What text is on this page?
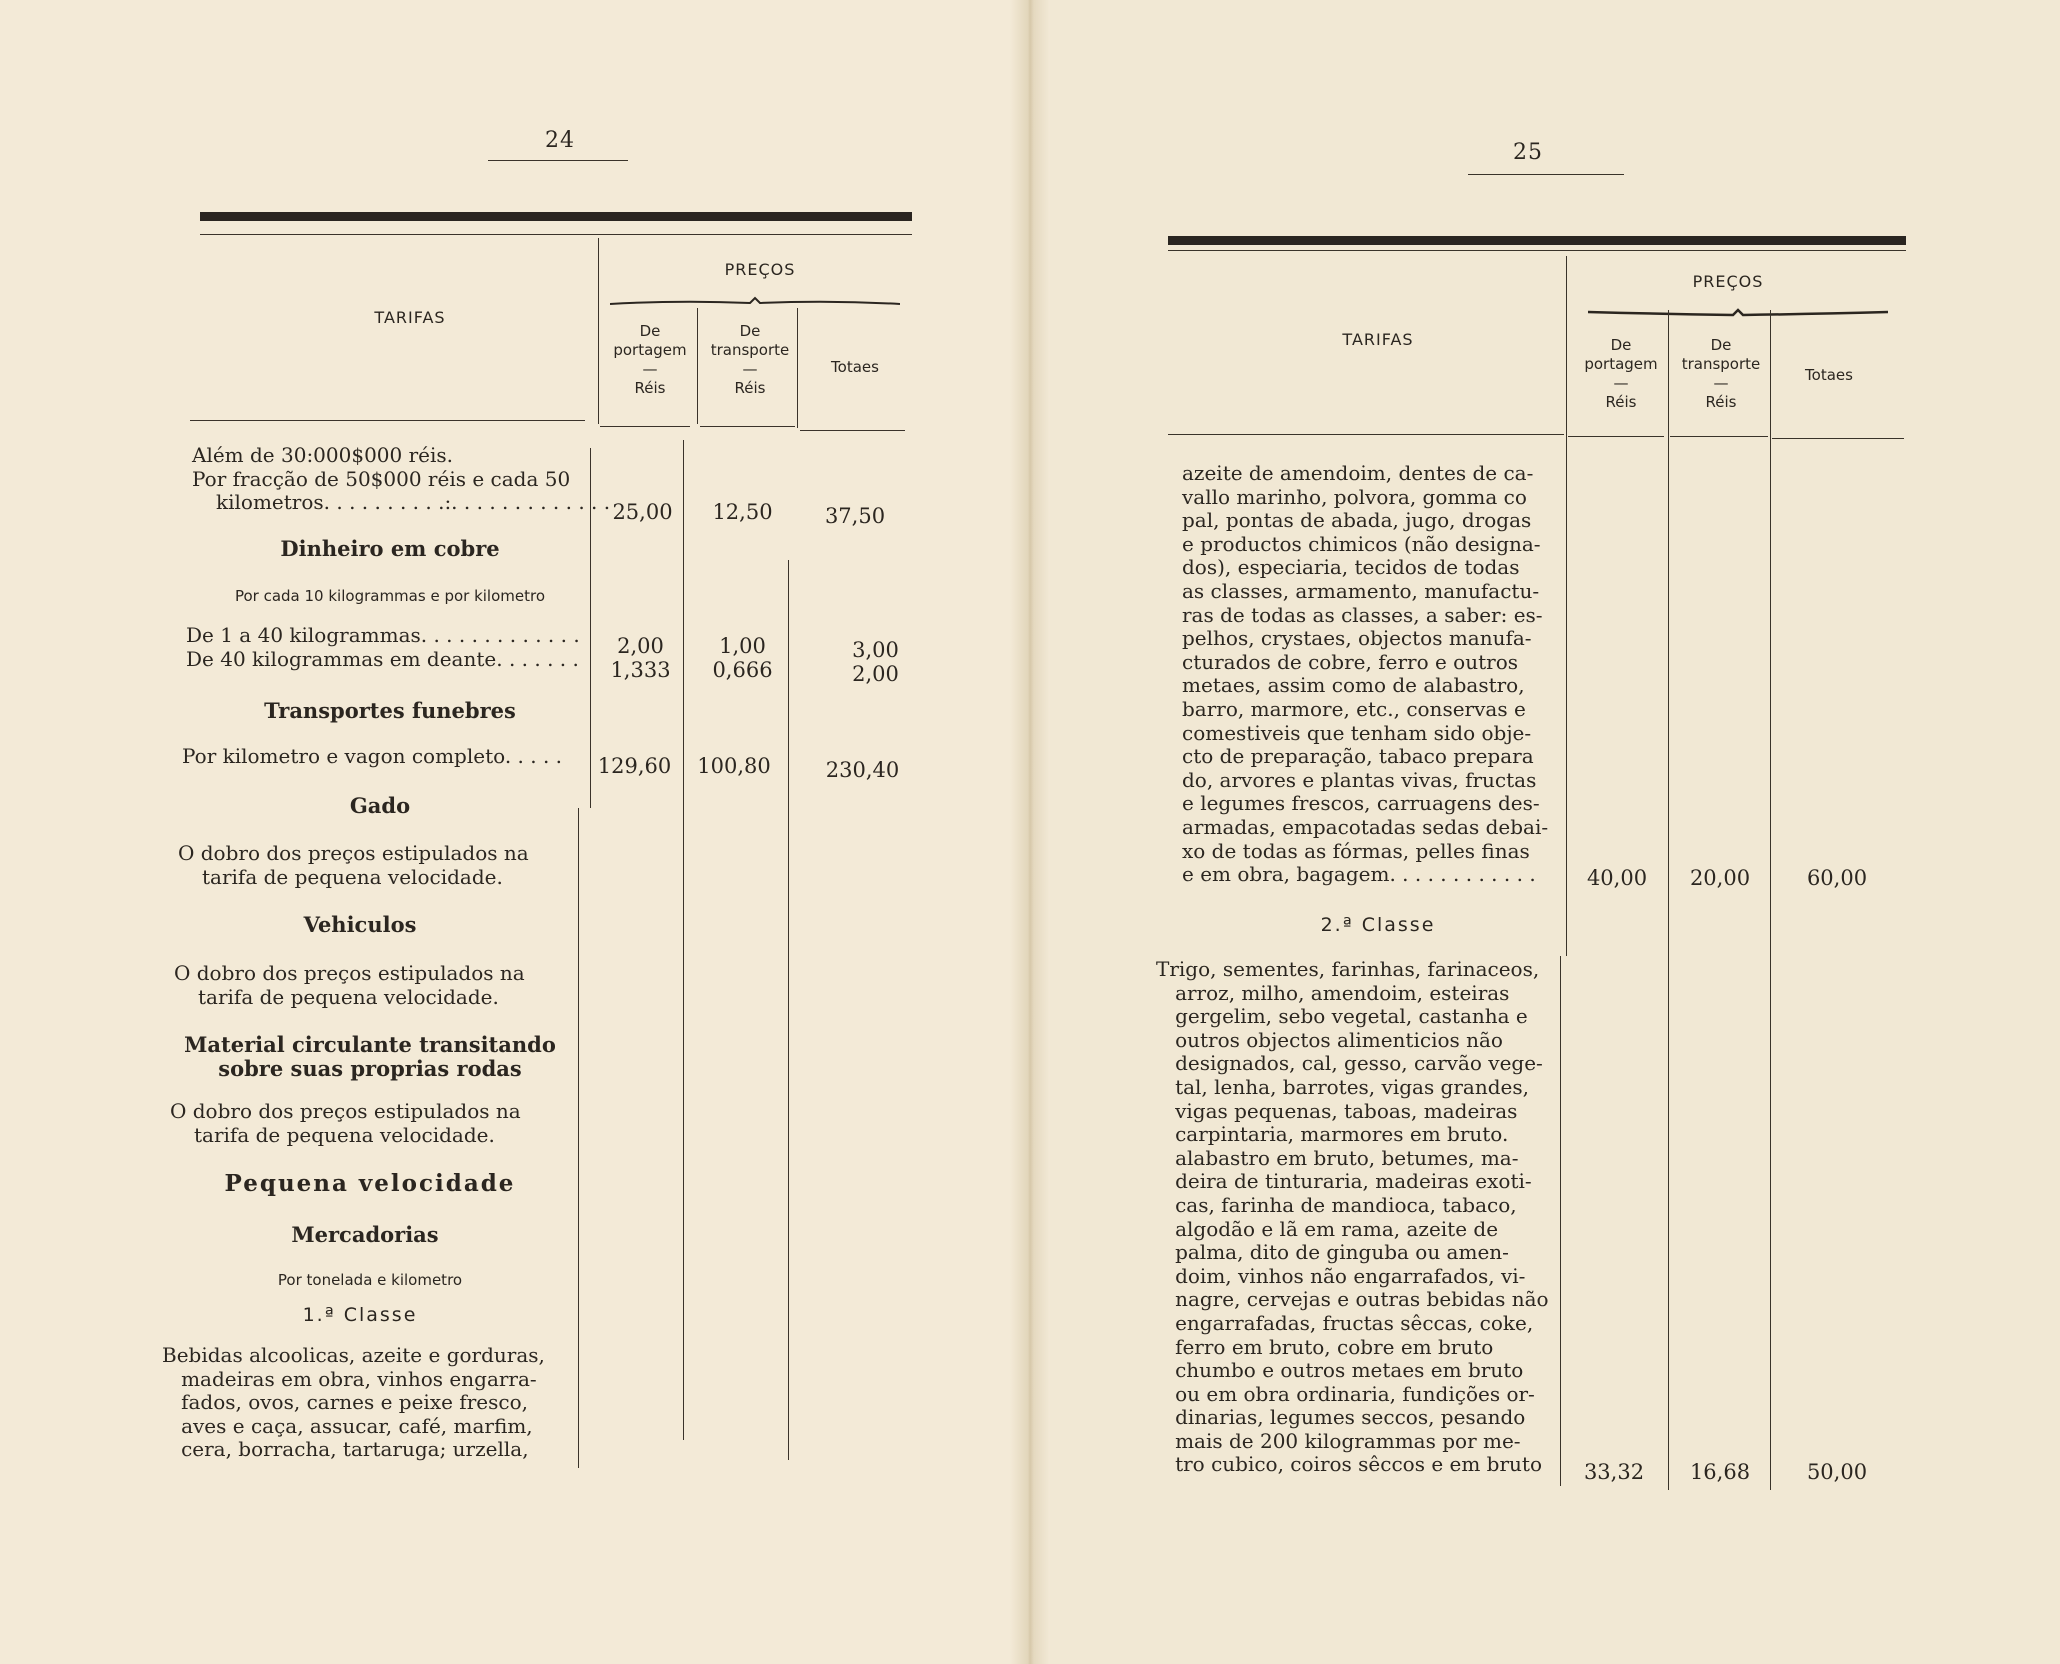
24
TARIFAS
PREÇOS
De
portagem
—
Réis
De
transporte
—
Réis
Totaes
Além de 30:000$000 réis.
Por fracção de 50$000 réis e cada 50
kilometros. . . . . . . . . .:. . . . . . . . . . . . . 25,00	12,50	37,50
Dinheiro em cobre
Por cada 10 kilogrammas e por kilometro
De 1 a 40 kilogrammas. . . . . . . . . . . . .	2,00	1,00	3,00
De 40 kilogrammas em deante. . . . . . .	1,333	0,666	2,00
Transportes funebres
Por kilometro e vagon completo. . . . . 129,60	100,80	230,40
Gado
O dobro dos preços estipulados na
tarifa de pequena velocidade.
Vehiculos
O dobro dos preços estipulados na
tarifa de pequena velocidade.
Material circulante transitando
sobre suas proprias rodas
O dobro dos preços estipulados na
tarifa de pequena velocidade.
Pequena velocidade
Mercadorias
Por tonelada e kilometro
1.ª Classe
Bebidas alcoolicas, azeite e gorduras,
madeiras em obra, vinhos engarra-
fados, ovos, carnes e peixe fresco,
aves e caça, assucar, café, marfim,
cera, borracha, tartaruga; urzella,
25
TARIFAS
PREÇOS
De
portagem
—
Réis
De
transporte
—
Réis
Totaes
azeite de amendoim, dentes de ca-
vallo marinho, polvora, gomma co
pal, pontas de abada, jugo, drogas
e productos chimicos (não designa-
dos), especiaria, tecidos de todas
as classes, armamento, manufactu-
ras de todas as classes, a saber: es-
pelhos, crystaes, objectos manufa-
cturados de cobre, ferro e outros
metaes, assim como de alabastro,
barro, marmore, etc., conservas e
comestiveis que tenham sido obje-
cto de preparação, tabaco prepara
do, arvores e plantas vivas, fructas
e legumes frescos, carruagens des-
armadas, empacotadas sedas debai-
xo de todas as fórmas, pelles finas
e em obra, bagagem. . . . . . . . . . . .	40,00	20,00	60,00
2.ª Classe
Trigo, sementes, farinhas, farinaceos,
arroz, milho, amendoim, esteiras
gergelim, sebo vegetal, castanha e
outros objectos alimenticios não
designados, cal, gesso, carvão vege-
tal, lenha, barrotes, vigas grandes,
vigas pequenas, taboas, madeiras
carpintaria, marmores em bruto.
alabastro em bruto, betumes, ma-
deira de tinturaria, madeiras exoti-
cas, farinha de mandioca, tabaco,
algodão e lã em rama, azeite de
palma, dito de ginguba ou amen-
doim, vinhos não engarrafados, vi-
nagre, cervejas e outras bebidas não
engarrafadas, fructas sêccas, coke,
ferro em bruto, cobre em bruto
chumbo e outros metaes em bruto
ou em obra ordinaria, fundições or-
dinarias, legumes seccos, pesando
mais de 200 kilogrammas por me-
tro cubico, coiros sêccos e em bruto	33,32	16,68	50,00
